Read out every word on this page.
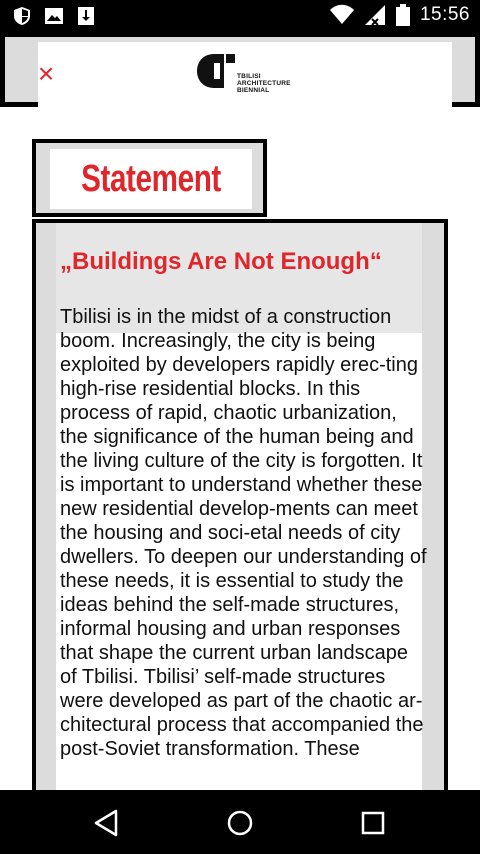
15:56
×	TBILISI
ARCHITECTURE
BIENNIAL
Statement
„Buildings Are Not Enough“
Tbilisi is in the midst of a construction boom. Increasingly, the city is being exploited by developers rapidly erec-ting high-rise residential blocks. In this process of rapid, chaotic urbanization, the significance of the human being and the living culture of the city is forgotten. It is important to understand whether these new residential develop-ments can meet the housing and soci-etal needs of city dwellers. To deepen our understanding of these needs, it is essential to study the ideas behind the self-made structures, informal housing and urban responses that shape the current urban landscape of Tbilisi. Tbilisi’ self-made structures were developed as part of the chaotic ar-chitectural process that accompanied the post-Soviet transformation. These
